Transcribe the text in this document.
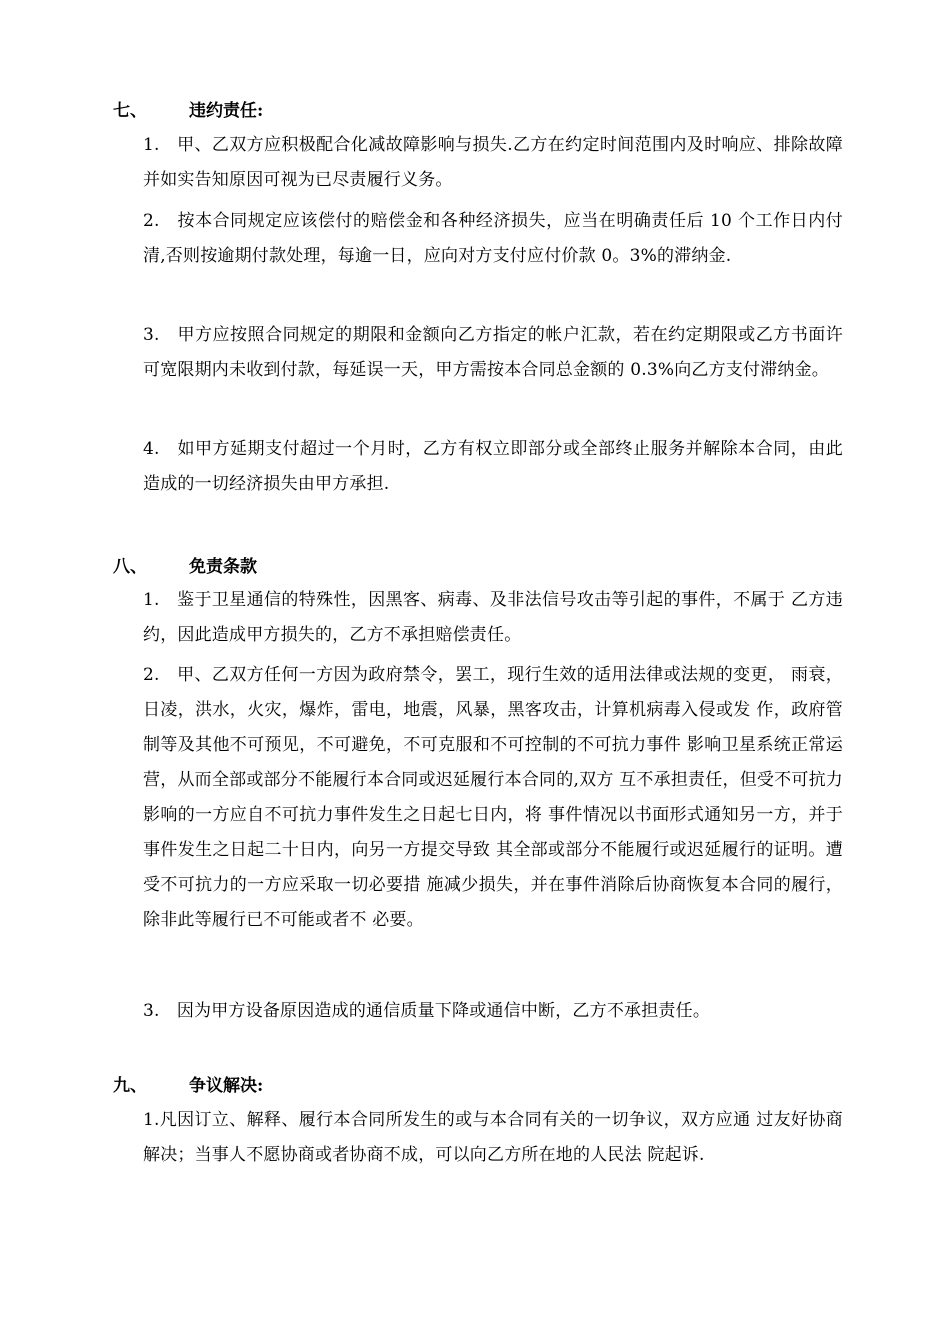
七、 违约责任:

1.　甲、乙双方应积极配合化减故障影响与损失.乙方在约定时间范围内及时响应、排除故障并如实告知原因可视为已尽责履行义务。

2.　按本合同规定应该偿付的赔偿金和各种经济损失，应当在明确责任后 10 个工作日内付清,否则按逾期付款处理，每逾一日，应向对方支付应付价款 0。3%的滞纳金.

3.　甲方应按照合同规定的期限和金额向乙方指定的帐户汇款，若在约定期限或乙方书面许可宽限期内未收到付款，每延误一天，甲方需按本合同总金额的 0.3%向乙方支付滞纳金。

4.　如甲方延期支付超过一个月时，乙方有权立即部分或全部终止服务并解除本合同，由此造成的一切经济损失由甲方承担.

八、 免责条款

1.　鉴于卫星通信的特殊性，因黑客、病毒、及非法信号攻击等引起的事件，不属于 乙方违约，因此造成甲方损失的，乙方不承担赔偿责任。

2.　甲、乙双方任何一方因为政府禁令，罢工，现行生效的适用法律或法规的变更， 雨衰，日凌，洪水，火灾，爆炸，雷电，地震，风暴，黑客攻击，计算机病毒入侵或发 作，政府管制等及其他不可预见，不可避免，不可克服和不可控制的不可抗力事件 影响卫星系统正常运营，从而全部或部分不能履行本合同或迟延履行本合同的,双方 互不承担责任，但受不可抗力影响的一方应自不可抗力事件发生之日起七日内，将 事件情况以书面形式通知另一方，并于事件发生之日起二十日内，向另一方提交导致 其全部或部分不能履行或迟延履行的证明。遭受不可抗力的一方应采取一切必要措 施减少损失，并在事件消除后协商恢复本合同的履行，除非此等履行已不可能或者不 必要。

3.　因为甲方设备原因造成的通信质量下降或通信中断，乙方不承担责任。

九、 争议解决:

1.凡因订立、解释、履行本合同所发生的或与本合同有关的一切争议，双方应通 过友好协商解决；当事人不愿协商或者协商不成，可以向乙方所在地的人民法 院起诉.
